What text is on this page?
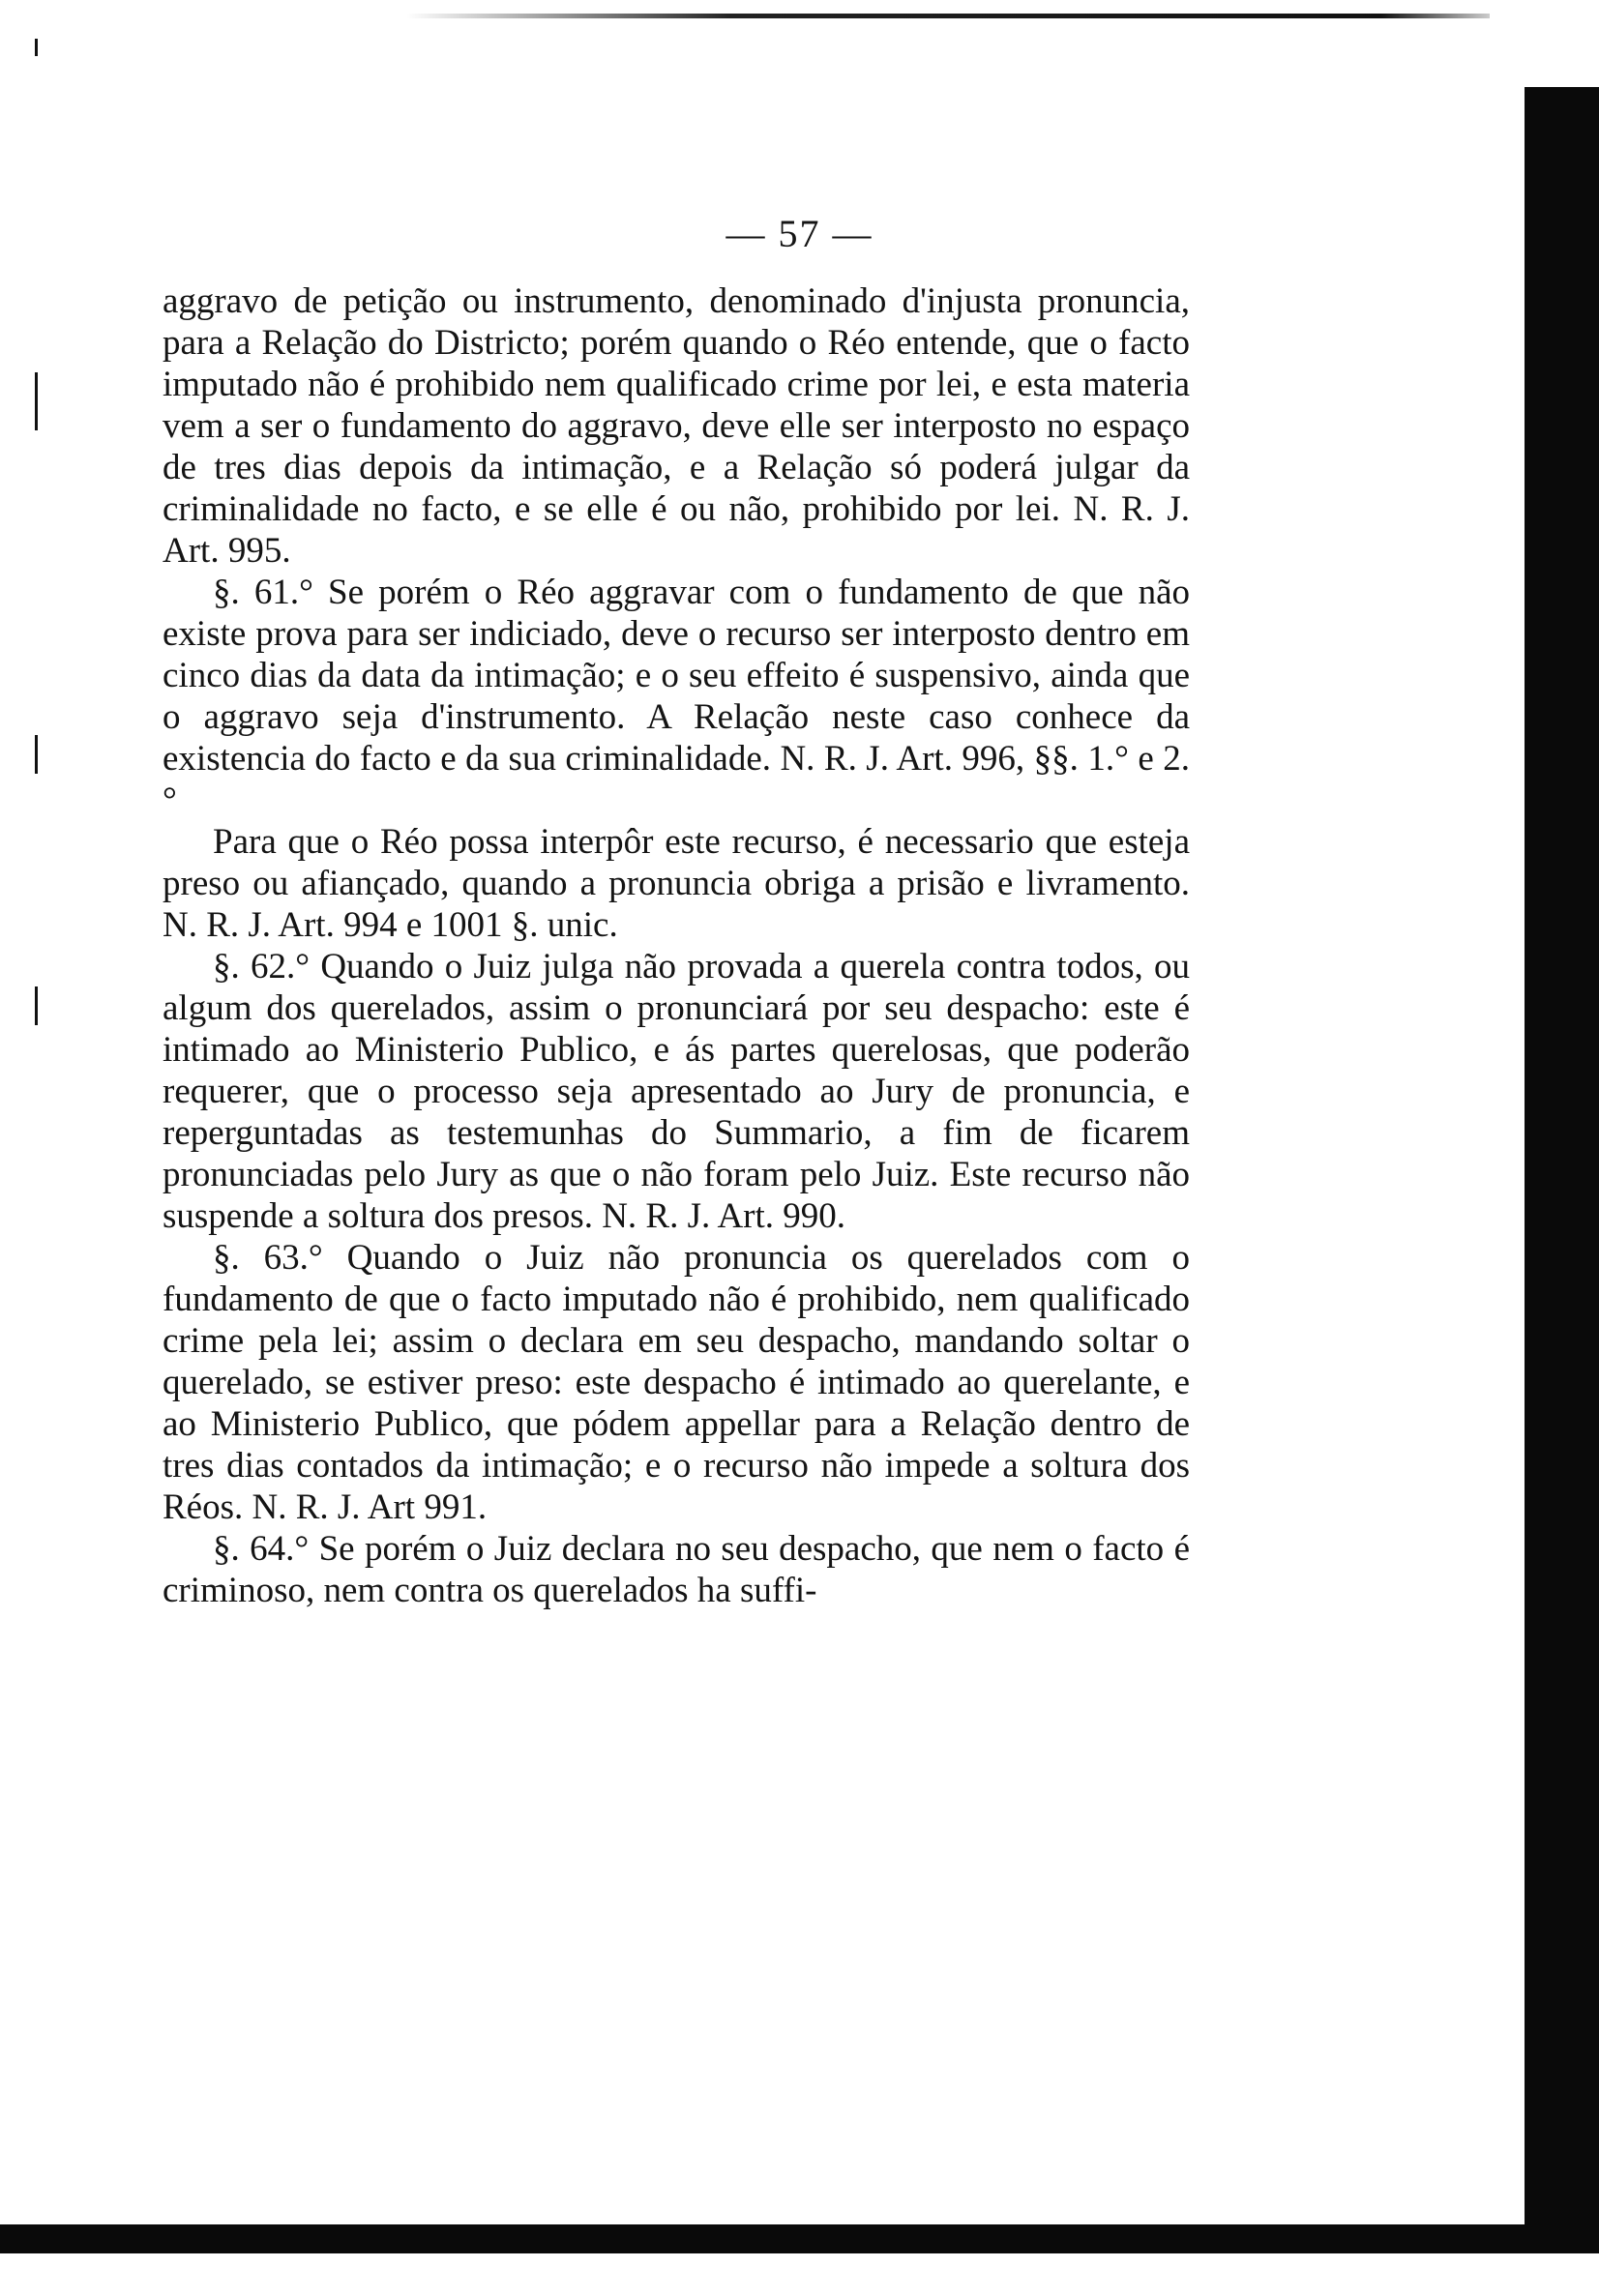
— 57 —

aggravo de petição ou instrumento, denominado d'injusta pronuncia, para a Relação do Districto; porém quando o Réo entende, que o facto imputado não é prohibido nem qualificado crime por lei, e esta materia vem a ser o fundamento do aggravo, deve elle ser interposto no espaço de tres dias depois da intimação, e a Relação só poderá julgar da criminalidade no facto, e se elle é ou não, prohibido por lei. N. R. J. Art. 995.

§. 61.° Se porém o Réo aggravar com o fundamento de que não existe prova para ser indiciado, deve o recurso ser interposto dentro em cinco dias da data da intimação; e o seu effeito é suspensivo, ainda que o aggravo seja d'instrumento. A Relação neste caso conhece da existencia do facto e da sua criminalidade. N. R. J. Art. 996, §§. 1.° e 2.°

Para que o Réo possa interpôr este recurso, é necessario que esteja preso ou afiançado, quando a pronuncia obriga a prisão e livramento. N. R. J. Art. 994 e 1001 §. unic.

§. 62.° Quando o Juiz julga não provada a querela contra todos, ou algum dos querelados, assim o pronunciará por seu despacho: este é intimado ao Ministerio Publico, e ás partes querelosas, que poderão requerer, que o processo seja apresentado ao Jury de pronuncia, e reperguntadas as testemunhas do Summario, a fim de ficarem pronunciadas pelo Jury as que o não foram pelo Juiz. Este recurso não suspende a soltura dos presos. N. R. J. Art. 990.

§. 63.° Quando o Juiz não pronuncia os querelados com o fundamento de que o facto imputado não é prohibido, nem qualificado crime pela lei; assim o declara em seu despacho, mandando soltar o querelado, se estiver preso: este despacho é intimado ao querelante, e ao Ministerio Publico, que pódem appellar para a Relação dentro de tres dias contados da intimação; e o recurso não impede a soltura dos Réos. N. R. J. Art 991.

§. 64.° Se porém o Juiz declara no seu despacho, que nem o facto é criminoso, nem contra os querelados ha suffi-
